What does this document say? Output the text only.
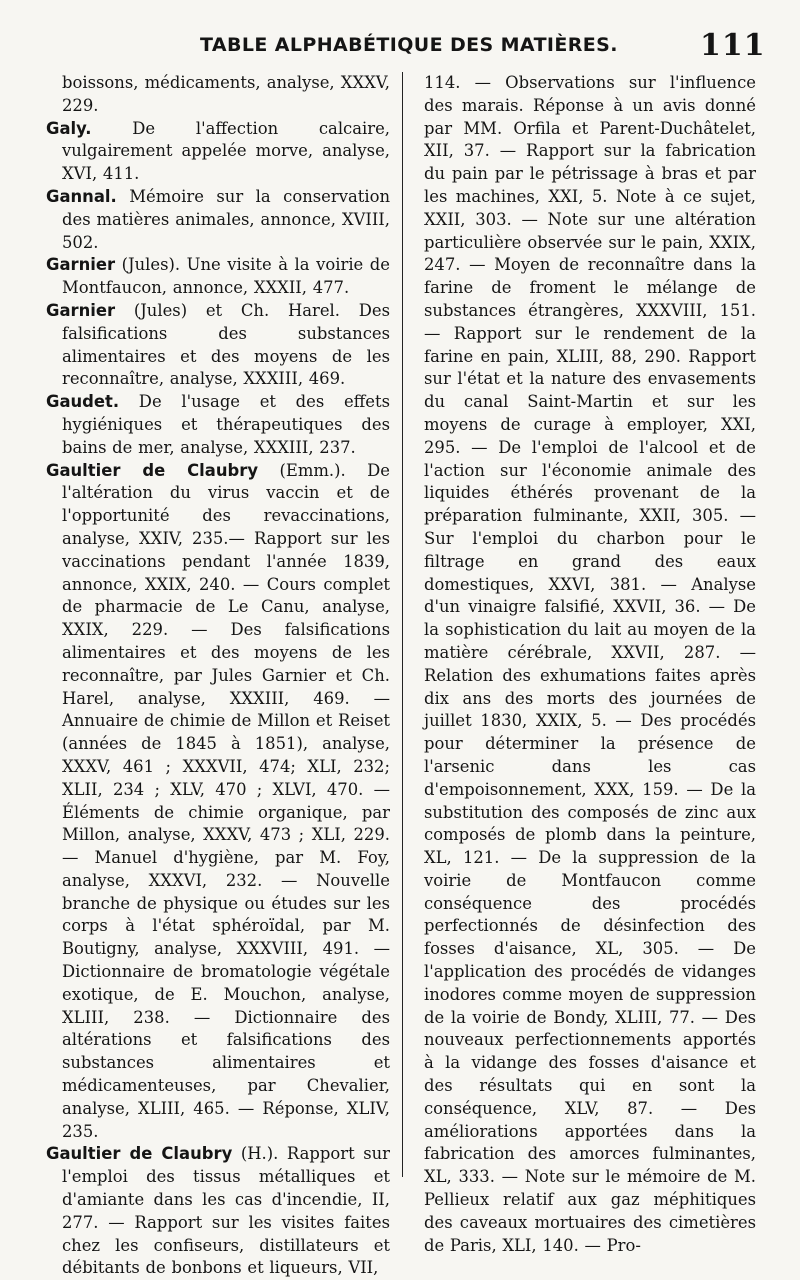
TABLE ALPHABÉTIQUE DES MATIÈRES.	111

boissons, médicaments, analyse, XXXV, 229.

Galy. De l'affection calcaire, vulgairement appelée morve, analyse, XVI, 411.

Gannal. Mémoire sur la conservation des matières animales, annonce, XVIII, 502.

Garnier (Jules). Une visite à la voirie de Montfaucon, annonce, XXXII, 477.

Garnier (Jules) et Ch. Harel. Des falsifications des substances alimentaires et des moyens de les reconnaître, analyse, XXXIII, 469.

Gaudet. De l'usage et des effets hygiéniques et thérapeutiques des bains de mer, analyse, XXXIII, 237.

Gaultier de Claubry (Emm.). De l'altération du virus vaccin et de l'opportunité des revaccinations, analyse, XXIV, 235.— Rapport sur les vaccinations pendant l'année 1839, annonce, XXIX, 240. — Cours complet de pharmacie de Le Canu, analyse, XXIX, 229. — Des falsifications alimentaires et des moyens de les reconnaître, par Jules Garnier et Ch. Harel, analyse, XXXIII, 469. — Annuaire de chimie de Millon et Reiset (années de 1845 à 1851), analyse, XXXV, 461 ; XXXVII, 474; XLI, 232; XLII, 234 ; XLV, 470 ; XLVI, 470. — Éléments de chimie organique, par Millon, analyse, XXXV, 473 ; XLI, 229. — Manuel d'hygiène, par M. Foy, analyse, XXXVI, 232. — Nouvelle branche de physique ou études sur les corps à l'état sphéroïdal, par M. Boutigny, analyse, XXXVIII, 491. — Dictionnaire de bromatologie végétale exotique, de E. Mouchon, analyse, XLIII, 238. — Dictionnaire des altérations et falsifications des substances alimentaires et médicamenteuses, par Chevalier, analyse, XLIII, 465. — Réponse, XLIV, 235.

Gaultier de Claubry (H.). Rapport sur l'emploi des tissus métalliques et d'amiante dans les cas d'incendie, II, 277. — Rapport sur les visites faites chez les confiseurs, distillateurs et débitants de bonbons et liqueurs, VII,

114. — Observations sur l'influence des marais. Réponse à un avis donné par MM. Orfila et Parent-Duchâtelet, XII, 37. — Rapport sur la fabrication du pain par le pétrissage à bras et par les machines, XXI, 5. Note à ce sujet, XXII, 303. — Note sur une altération particulière observée sur le pain, XXIX, 247. — Moyen de reconnaître dans la farine de froment le mélange de substances étrangères, XXXVIII, 151. — Rapport sur le rendement de la farine en pain, XLIII, 88, 290. Rapport sur l'état et la nature des envasements du canal Saint-Martin et sur les moyens de curage à employer, XXI, 295. — De l'emploi de l'alcool et de l'action sur l'économie animale des liquides éthérés provenant de la préparation fulminante, XXII, 305. — Sur l'emploi du charbon pour le filtrage en grand des eaux domestiques, XXVI, 381. — Analyse d'un vinaigre falsifié, XXVII, 36. — De la sophistication du lait au moyen de la matière cérébrale, XXVII, 287. — Relation des exhumations faites après dix ans des morts des journées de juillet 1830, XXIX, 5. — Des procédés pour déterminer la présence de l'arsenic dans les cas d'empoisonnement, XXX, 159. — De la substitution des composés de zinc aux composés de plomb dans la peinture, XL, 121. — De la suppression de la voirie de Montfaucon comme conséquence des procédés perfectionnés de désinfection des fosses d'aisance, XL, 305. — De l'application des procédés de vidanges inodores comme moyen de suppression de la voirie de Bondy, XLIII, 77. — Des nouveaux perfectionnements apportés à la vidange des fosses d'aisance et des résultats qui en sont la conséquence, XLV, 87. — Des améliorations apportées dans la fabrication des amorces fulminantes, XL, 333. — Note sur le mémoire de M. Pellieux relatif aux gaz méphitiques des caveaux mortuaires des cimetières de Paris, XLI, 140. — Pro-
